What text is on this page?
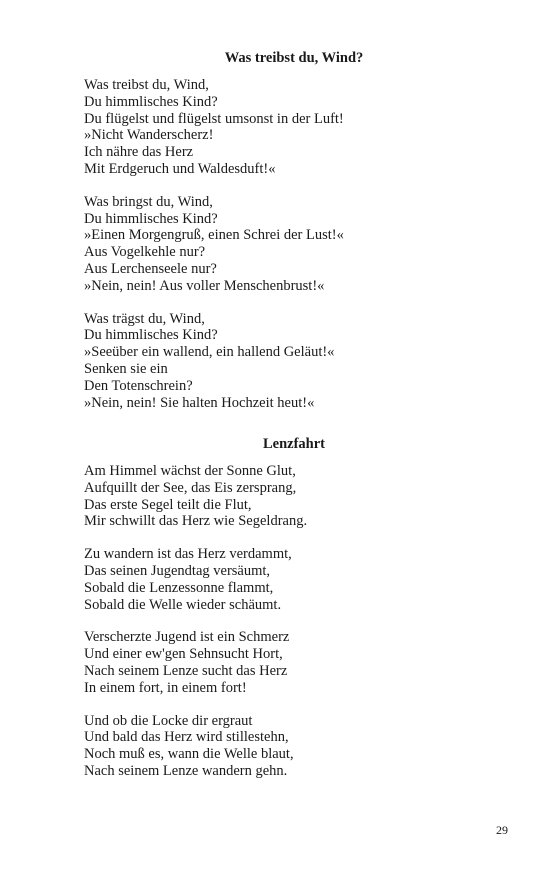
Was treibst du, Wind?
Was treibst du, Wind,
Du himmlisches Kind?
Du flügelst und flügelst umsonst in der Luft!
»Nicht Wanderscherz!
Ich nähre das Herz
Mit Erdgeruch und Waldesduft!«
Was bringst du, Wind,
Du himmlisches Kind?
»Einen Morgengruß, einen Schrei der Lust!«
Aus Vogelkehle nur?
Aus Lerchenseele nur?
»Nein, nein! Aus voller Menschenbrust!«
Was trägst du, Wind,
Du himmlisches Kind?
»Seeüber ein wallend, ein hallend Geläut!«
Senken sie ein
Den Totenschrein?
»Nein, nein! Sie halten Hochzeit heut!«
Lenzfahrt
Am Himmel wächst der Sonne Glut,
Aufquillt der See, das Eis zersprang,
Das erste Segel teilt die Flut,
Mir schwillt das Herz wie Segeldrang.
Zu wandern ist das Herz verdammt,
Das seinen Jugendtag versäumt,
Sobald die Lenzessonne flammt,
Sobald die Welle wieder schäumt.
Verscherzte Jugend ist ein Schmerz
Und einer ew'gen Sehnsucht Hort,
Nach seinem Lenze sucht das Herz
In einem fort, in einem fort!
Und ob die Locke dir ergraut
Und bald das Herz wird stillestehn,
Noch muß es, wann die Welle blaut,
Nach seinem Lenze wandern gehn.
29
